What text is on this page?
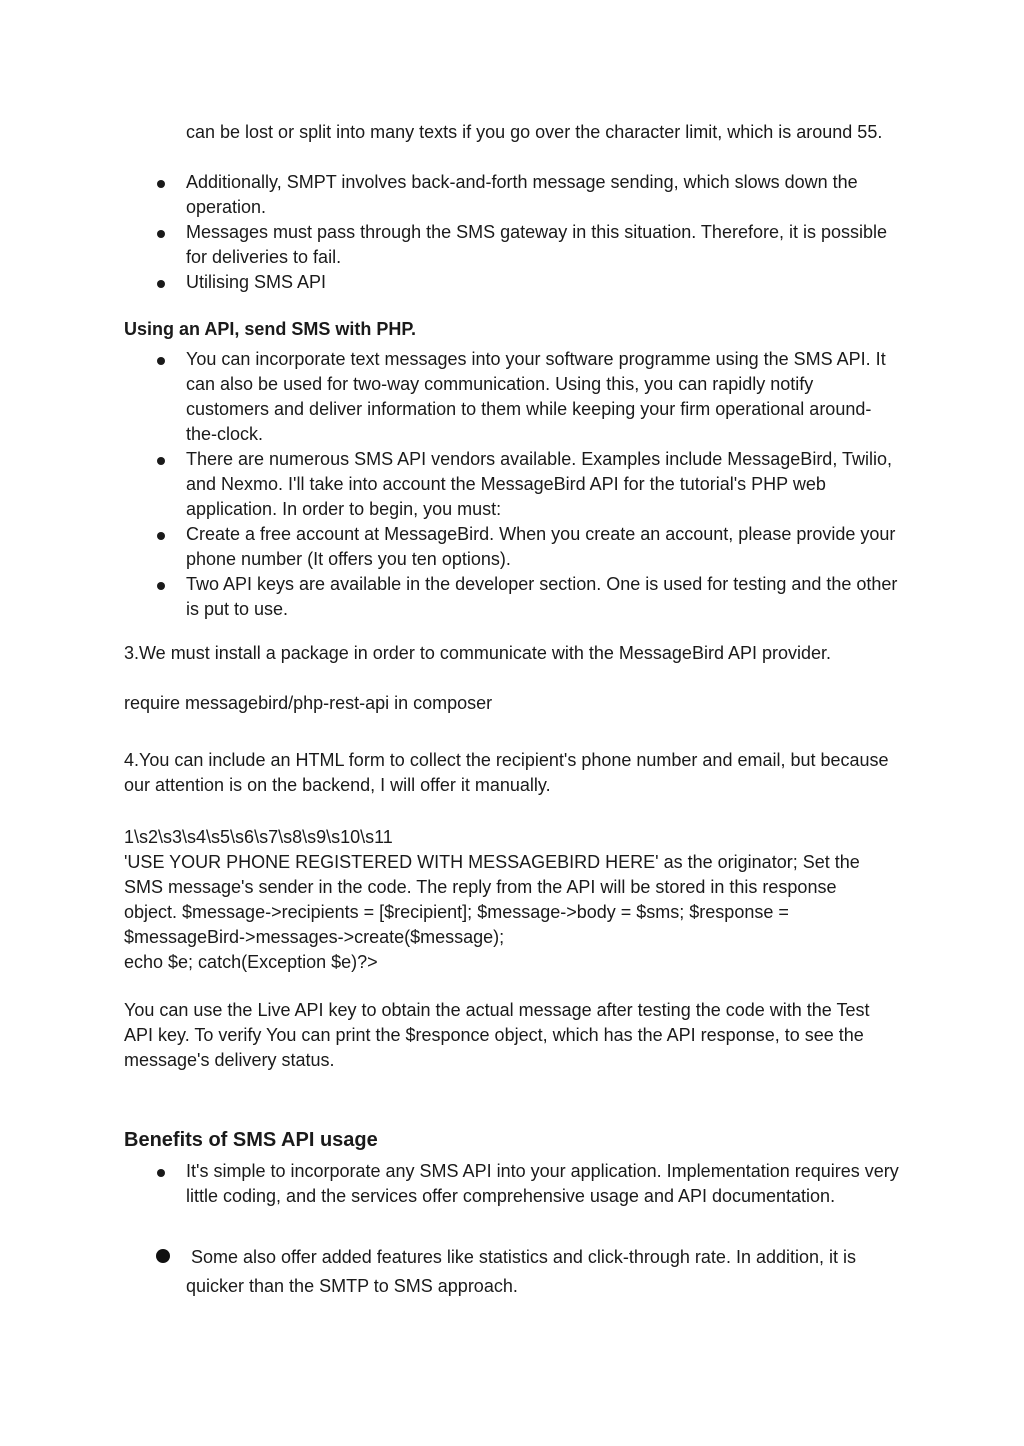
can be lost or split into many texts if you go over the character limit, which is around 55.

Additionally, SMPT involves back-and-forth message sending, which slows down the operation.
Messages must pass through the SMS gateway in this situation. Therefore, it is possible for deliveries to fail.
Utilising SMS API
Using an API, send SMS with PHP.
You can incorporate text messages into your software programme using the SMS API. It can also be used for two-way communication. Using this, you can rapidly notify customers and deliver information to them while keeping your firm operational around-the-clock.
There are numerous SMS API vendors available. Examples include MessageBird, Twilio, and Nexmo. I'll take into account the MessageBird API for the tutorial's PHP web application. In order to begin, you must:
Create a free account at MessageBird. When you create an account, please provide your phone number (It offers you ten options).
Two API keys are available in the developer section. One is used for testing and the other is put to use.

3.We must install a package in order to communicate with the MessageBird API provider.

require messagebird/php-rest-api in composer

4.You can include an HTML form to collect the recipient's phone number and email, but because our attention is on the backend, I will offer it manually.

1\s2\s3\s4\s5\s6\s7\s8\s9\s10\s11
'USE YOUR PHONE REGISTERED WITH MESSAGEBIRD HERE' as the originator; Set the SMS message's sender in the code. The reply from the API will be stored in this response object. $message->recipients = [$recipient]; $message->body = $sms; $response = $messageBird->messages->create($message);
echo $e; catch(Exception $e)?>

You can use the Live API key to obtain the actual message after testing the code with the Test API key. To verify You can print the $responce object, which has the API response, to see the message's delivery status.

Benefits of SMS API usage
It's simple to incorporate any SMS API into your application. Implementation requires very little coding, and the services offer comprehensive usage and API documentation.
Some also offer added features like statistics and click-through rate. In addition, it is quicker than the SMTP to SMS approach.
